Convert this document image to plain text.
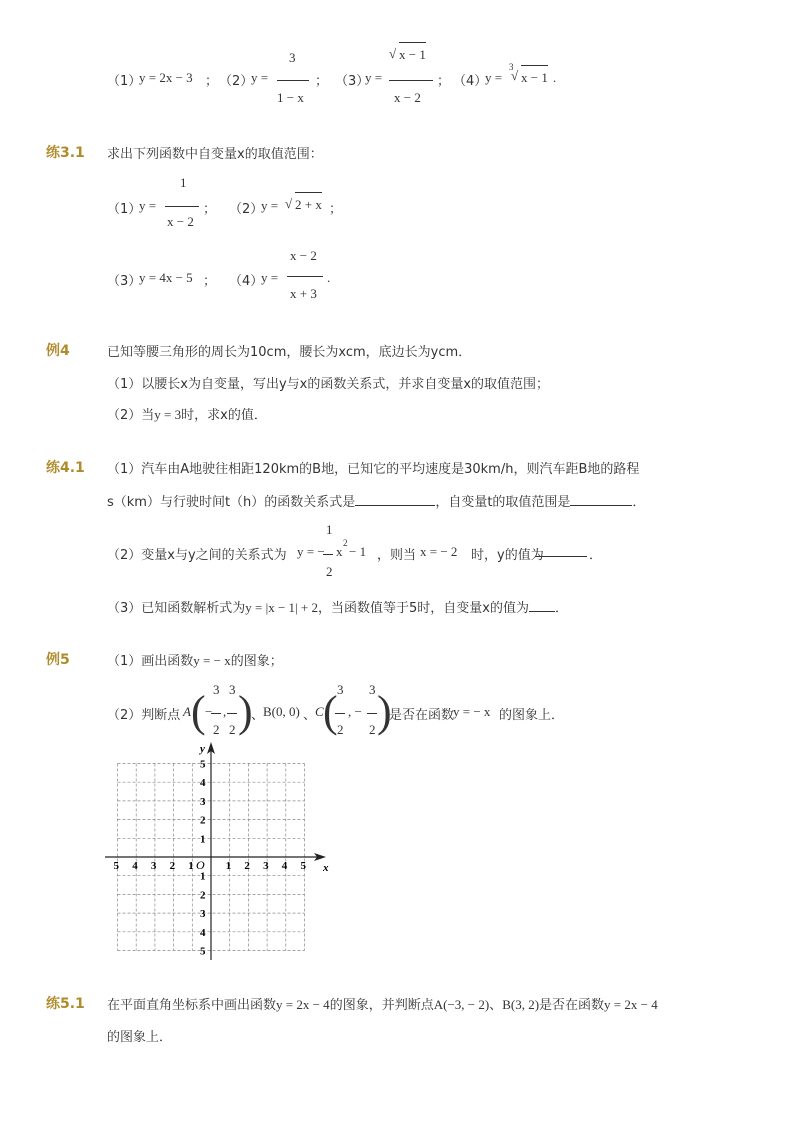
（1）
y = 2x − 3 ； （2）
y =
3
1 − x
； （3）
y =
√ x − 1
x − 2
； （4）
y =
3
√ x − 1 .
练3.1 求出下列函数中自变量x的取值范围：
（1）
y =
1
x − 2
； （2）
y = √ 2 + x ；
（3）
y = 4x − 5 ； （4）
y =
x − 2
x + 3
.
例4	已知等腰三角形的周长为10cm，腰长为xcm，底边长为ycm．
（1）以腰长x为自变量，写出y与x的函数关系式，并求自变量x的取值范围；
（2）当y = 3时，求x的值．
练4.1 （1）汽车由A地驶往相距120km的B地，已知它的平均速度是30km/h，则汽车距B地的路程
s（km）与行驶时间t（h）的函数关系式是	，自变量t的取值范围是	．
（2）变量x与y之间的关系式为 y = −
1
2
x
2
− 1 ，则当 x = − 2 时，y的值为	．
（3）已知函数解析式为y = |x − 1| + 2，当函数值等于5时，自变量x的值为 ．
例5	（1）画出函数y = − x的图象；
（2）判断点 A ( −
3
2
,
3
2 )
、
B(0, 0) 、
C ( 3
2
, −
3
2 )
是否在函数
y = − x 的图象上．
x
y
O
5 4 3 2 1	1 2 3 4 5
5
4
3
2
1
1
2
3
4
5
练5.1 在平面直角坐标系中画出函数y = 2x − 4的图象，并判断点A(−3, − 2)、B(3, 2)是否在函数y = 2x − 4
的图象上．
